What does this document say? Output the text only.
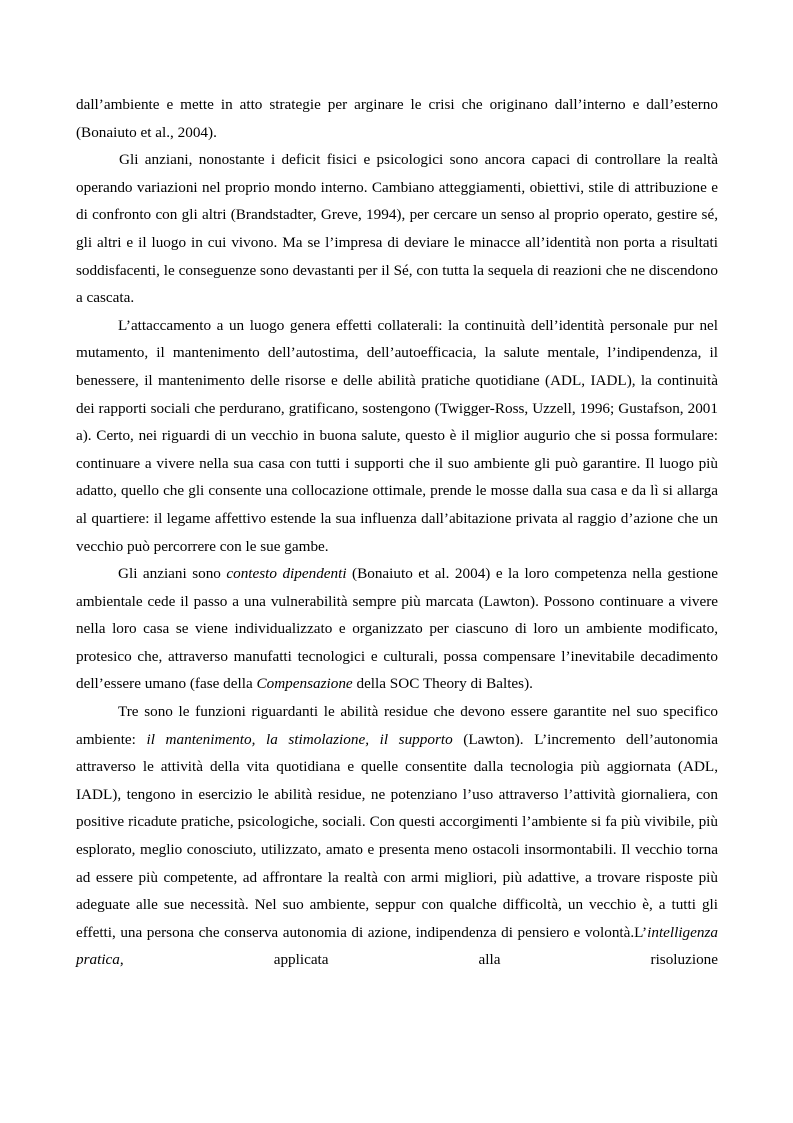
dall’ambiente e mette in atto strategie per arginare le crisi che originano dall’interno e dall’esterno (Bonaiuto et al., 2004).

Gli anziani, nonostante i deficit fisici e psicologici sono ancora capaci di controllare la realtà operando variazioni nel proprio mondo interno. Cambiano atteggiamenti, obiettivi, stile di attribuzione e di confronto con gli altri (Brandstadter, Greve, 1994), per cercare un senso al proprio operato, gestire sé, gli altri e il luogo in cui vivono. Ma se l’impresa di deviare le minacce all’identità non porta a risultati soddisfacenti, le conseguenze sono devastanti per il Sé, con tutta la sequela di reazioni che ne discendono a cascata.

L’attaccamento a un luogo genera effetti collaterali: la continuità dell’identità personale pur nel mutamento, il mantenimento dell’autostima, dell’autoefficacia, la salute mentale, l’indipendenza, il benessere, il mantenimento delle risorse e delle abilità pratiche quotidiane (ADL, IADL), la continuità dei rapporti sociali che perdurano, gratificano, sostengono (Twigger-Ross, Uzzell, 1996; Gustafson, 2001 a). Certo, nei riguardi di un vecchio in buona salute, questo è il miglior augurio che si possa formulare: continuare a vivere nella sua casa con tutti i supporti che il suo ambiente gli può garantire. Il luogo più adatto, quello che gli consente una collocazione ottimale, prende le mosse dalla sua casa e da lì si allarga al quartiere: il legame affettivo estende la sua influenza dall’abitazione privata al raggio d’azione che un vecchio può percorrere con le sue gambe.

Gli anziani sono contesto dipendenti (Bonaiuto et al. 2004) e la loro competenza nella gestione ambientale cede il passo a una vulnerabilità sempre più marcata (Lawton). Possono continuare a vivere nella loro casa se viene individualizzato e organizzato per ciascuno di loro un ambiente modificato, protesico che, attraverso manufatti tecnologici e culturali, possa compensare l’inevitabile decadimento dell’essere umano (fase della Compensazione della SOC Theory di Baltes).

Tre sono le funzioni riguardanti le abilità residue che devono essere garantite nel suo specifico ambiente: il mantenimento, la stimolazione, il supporto (Lawton). L’incremento dell’autonomia attraverso le attività della vita quotidiana e quelle consentite dalla tecnologia più aggiornata (ADL, IADL), tengono in esercizio le abilità residue, ne potenziano l’uso attraverso l’attività giornaliera, con positive ricadute pratiche, psicologiche, sociali. Con questi accorgimenti l’ambiente si fa più vivibile, più esplorato, meglio conosciuto, utilizzato, amato e presenta meno ostacoli insormontabili. Il vecchio torna ad essere più competente, ad affrontare la realtà con armi migliori, più adattive, a trovare risposte più adeguate alle sue necessità. Nel suo ambiente, seppur con qualche difficoltà, un vecchio è, a tutti gli effetti, una persona che conserva autonomia di azione, indipendenza di pensiero e volontà.L’intelligenza pratica, applicata alla risoluzione
